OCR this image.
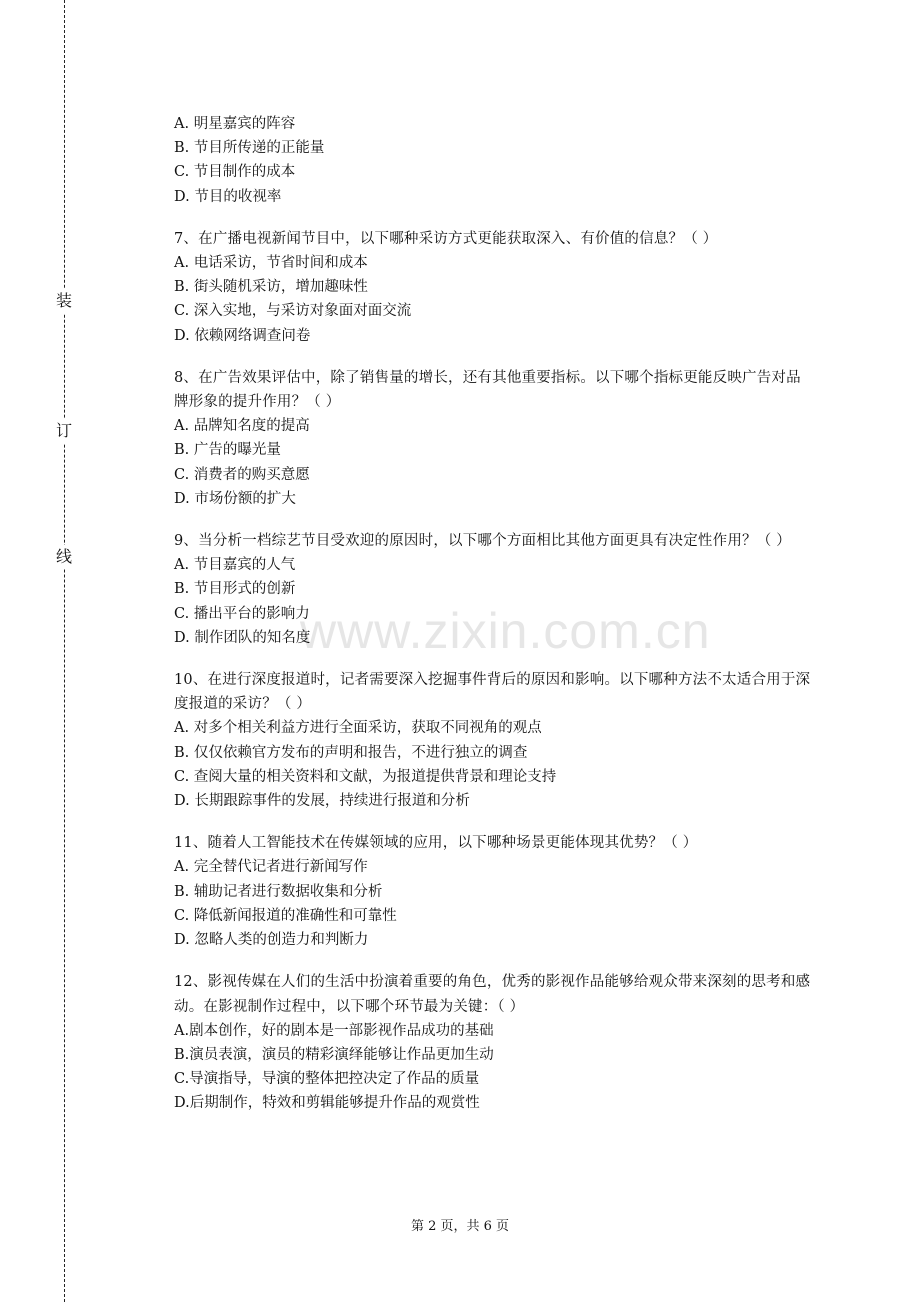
装
订
线
www.zixin.com.cn
A. 明星嘉宾的阵容
B. 节目所传递的正能量
C. 节目制作的成本
D. 节目的收视率
7、在广播电视新闻节目中，以下哪种采访方式更能获取深入、有价值的信息？（ ）
A. 电话采访，节省时间和成本
B. 街头随机采访，增加趣味性
C. 深入实地，与采访对象面对面交流
D. 依赖网络调查问卷
8、在广告效果评估中，除了销售量的增长，还有其他重要指标。以下哪个指标更能反映广告对品牌形象的提升作用？（ ）
A. 品牌知名度的提高
B. 广告的曝光量
C. 消费者的购买意愿
D. 市场份额的扩大
9、当分析一档综艺节目受欢迎的原因时，以下哪个方面相比其他方面更具有决定性作用？（ ）
A. 节目嘉宾的人气
B. 节目形式的创新
C. 播出平台的影响力
D. 制作团队的知名度
10、在进行深度报道时，记者需要深入挖掘事件背后的原因和影响。以下哪种方法不太适合用于深度报道的采访？（ ）
A. 对多个相关利益方进行全面采访，获取不同视角的观点
B. 仅仅依赖官方发布的声明和报告，不进行独立的调查
C. 查阅大量的相关资料和文献，为报道提供背景和理论支持
D. 长期跟踪事件的发展，持续进行报道和分析
11、随着人工智能技术在传媒领域的应用，以下哪种场景更能体现其优势？（ ）
A. 完全替代记者进行新闻写作
B. 辅助记者进行数据收集和分析
C. 降低新闻报道的准确性和可靠性
D. 忽略人类的创造力和判断力
12、影视传媒在人们的生活中扮演着重要的角色，优秀的影视作品能够给观众带来深刻的思考和感动。在影视制作过程中，以下哪个环节最为关键：（ ）
A.剧本创作，好的剧本是一部影视作品成功的基础
B.演员表演，演员的精彩演绎能够让作品更加生动
C.导演指导，导演的整体把控决定了作品的质量
D.后期制作，特效和剪辑能够提升作品的观赏性
第 2 页，共 6 页
